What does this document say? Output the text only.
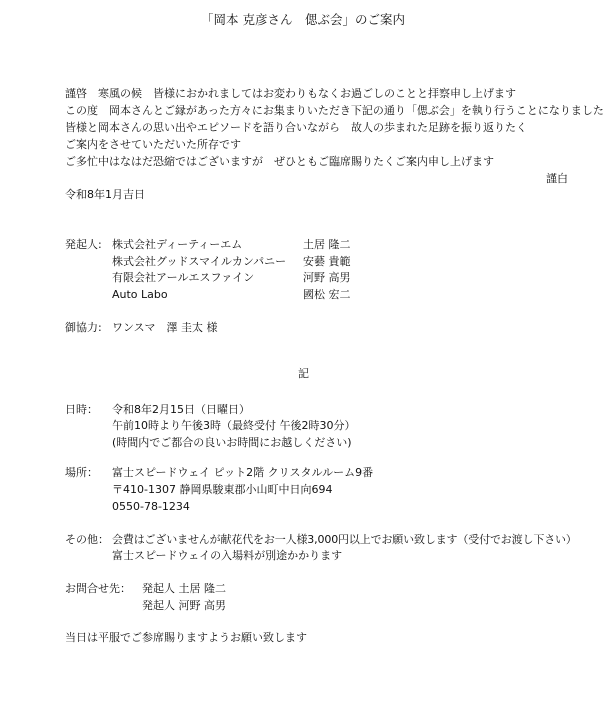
「岡本 克彦さん　偲ぶ会」のご案内
謹啓　寒風の候　皆様におかれましてはお変わりもなくお過ごしのことと拝察申し上げます
この度　岡本さんとご縁があった方々にお集まりいただき下記の通り「偲ぶ会」を執り行うことになりました
皆様と岡本さんの思い出やエピソードを語り合いながら　故人の歩まれた足跡を振り返りたく
ご案内をさせていただいた所存です
ご多忙中はなはだ恐縮ではございますが　ぜひともご臨席賜りたくご案内申し上げます
謹白
令和8年1月吉日
発起人: 株式会社ディーティーエム	土居 隆二
株式会社グッドスマイルカンパニー 安藝 貴範
有限会社アールエスファイン	河野 高男
Auto Labo	國松 宏二
御協力: ワンスマ　澤 圭太 様
記
日時： 令和8年2月15日（日曜日）
午前10時より午後3時（最終受付 午後2時30分）
(時間内でご都合の良いお時間にお越しください)
場所： 富士スピードウェイ ピット2階 クリスタルルーム9番
〒410-1307 静岡県駿東郡小山町中日向694
0550-78-1234
その他： 会費はございませんが献花代をお一人様3,000円以上でお願い致します（受付でお渡し下さい）
富士スピードウェイの入場料が別途かかります
お問合せ先： 発起人 土居 隆二
発起人 河野 高男
当日は平服でご参席賜りますようお願い致します
